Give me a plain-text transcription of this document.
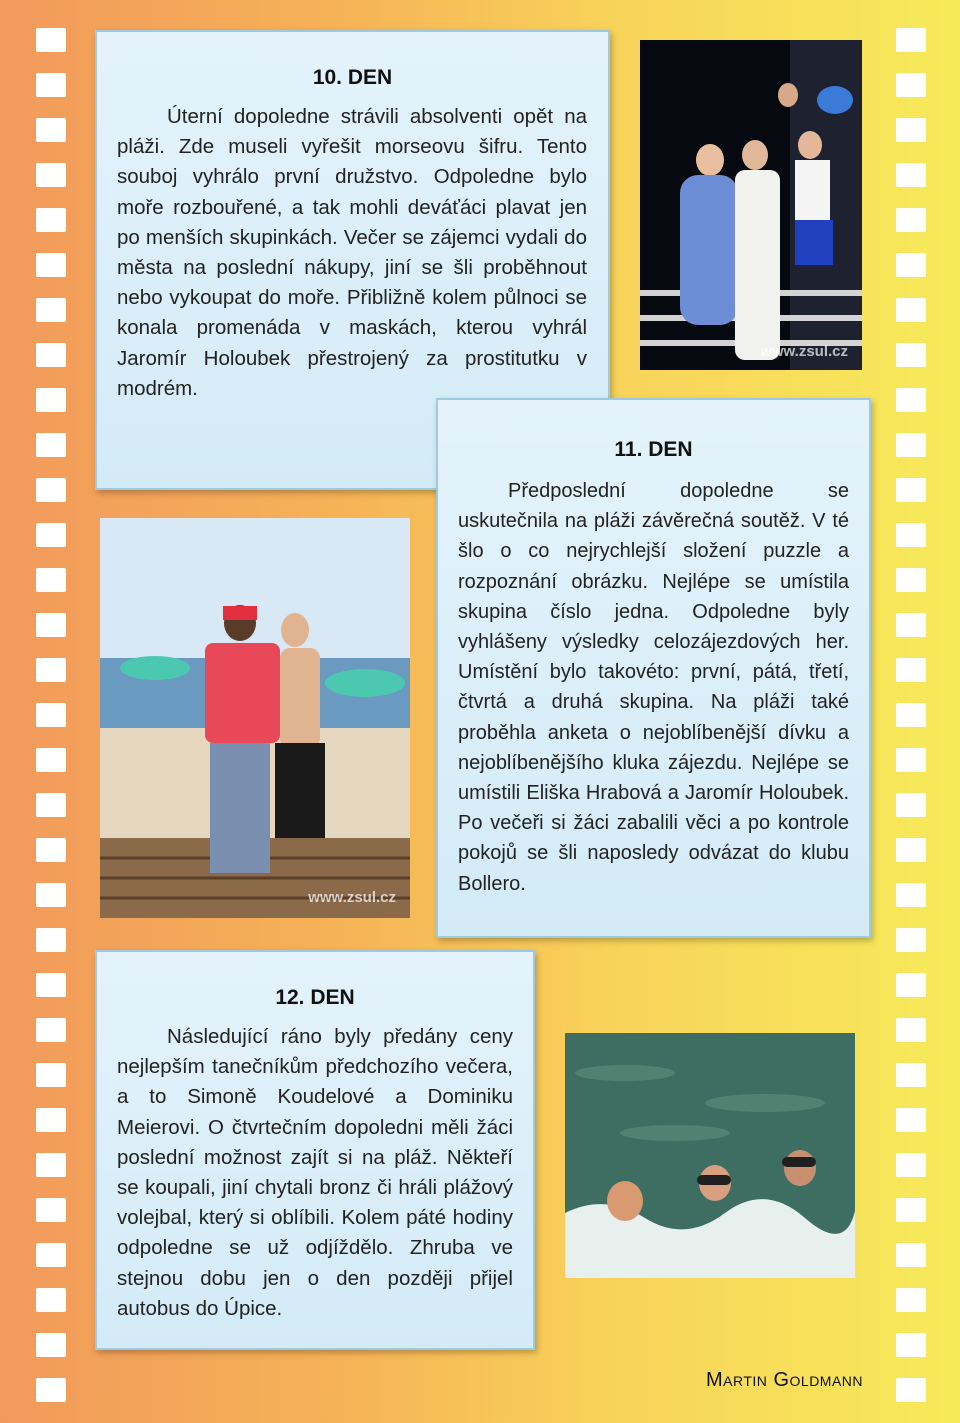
www.zsul.cz
10. DEN
Úterní dopoledne strávili absolventi opět na pláži. Zde museli vyřešit morseovu šifru. Tento souboj vyhrálo první družstvo. Odpoledne bylo moře rozbouřené, a tak mohli deváťáci plavat jen po menších skupinkách. Večer se zájemci vydali do města na poslední nákupy, jiní se šli proběhnout nebo vykoupat do moře. Přibližně kolem půlnoci se konala promenáda v maskách, kterou vyhrál Jaromír Holoubek přestrojený za prostitutku v modrém.
11. DEN
Předposlední dopoledne se uskutečnila na pláži závěrečná soutěž. V té šlo o co nejrychlejší složení puzzle a rozpoznání obrázku. Nejlépe se umístila skupina číslo jedna. Odpoledne byly vyhlášeny výsledky celozájezdových her. Umístění bylo takovéto: první, pátá, třetí, čtvrtá a druhá skupina. Na pláži také proběhla anketa o nejoblíbenější dívku a nejoblíbenějšího kluka zájezdu. Nejlépe se umístili Eliška Hrabová a Jaromír Holoubek. Po večeři si žáci zabalili věci a po kontrole pokojů se šli naposledy odvázat do klubu Bollero.
www.zsul.cz
12. DEN
Následující ráno byly předány ceny nejlepším tanečníkům předchozího večera, a to Simoně Koudelové a Dominiku Meierovi. O čtvrtečním dopoledni měli žáci poslední možnost zajít si na pláž. Někteří se koupali, jiní chytali bronz či hráli plážový volejbal, který si oblíbili. Kolem páté hodiny odpoledne se už odjíždělo. Zhruba ve stejnou dobu jen o den později přijel autobus do Úpice.
Martin Goldmann
